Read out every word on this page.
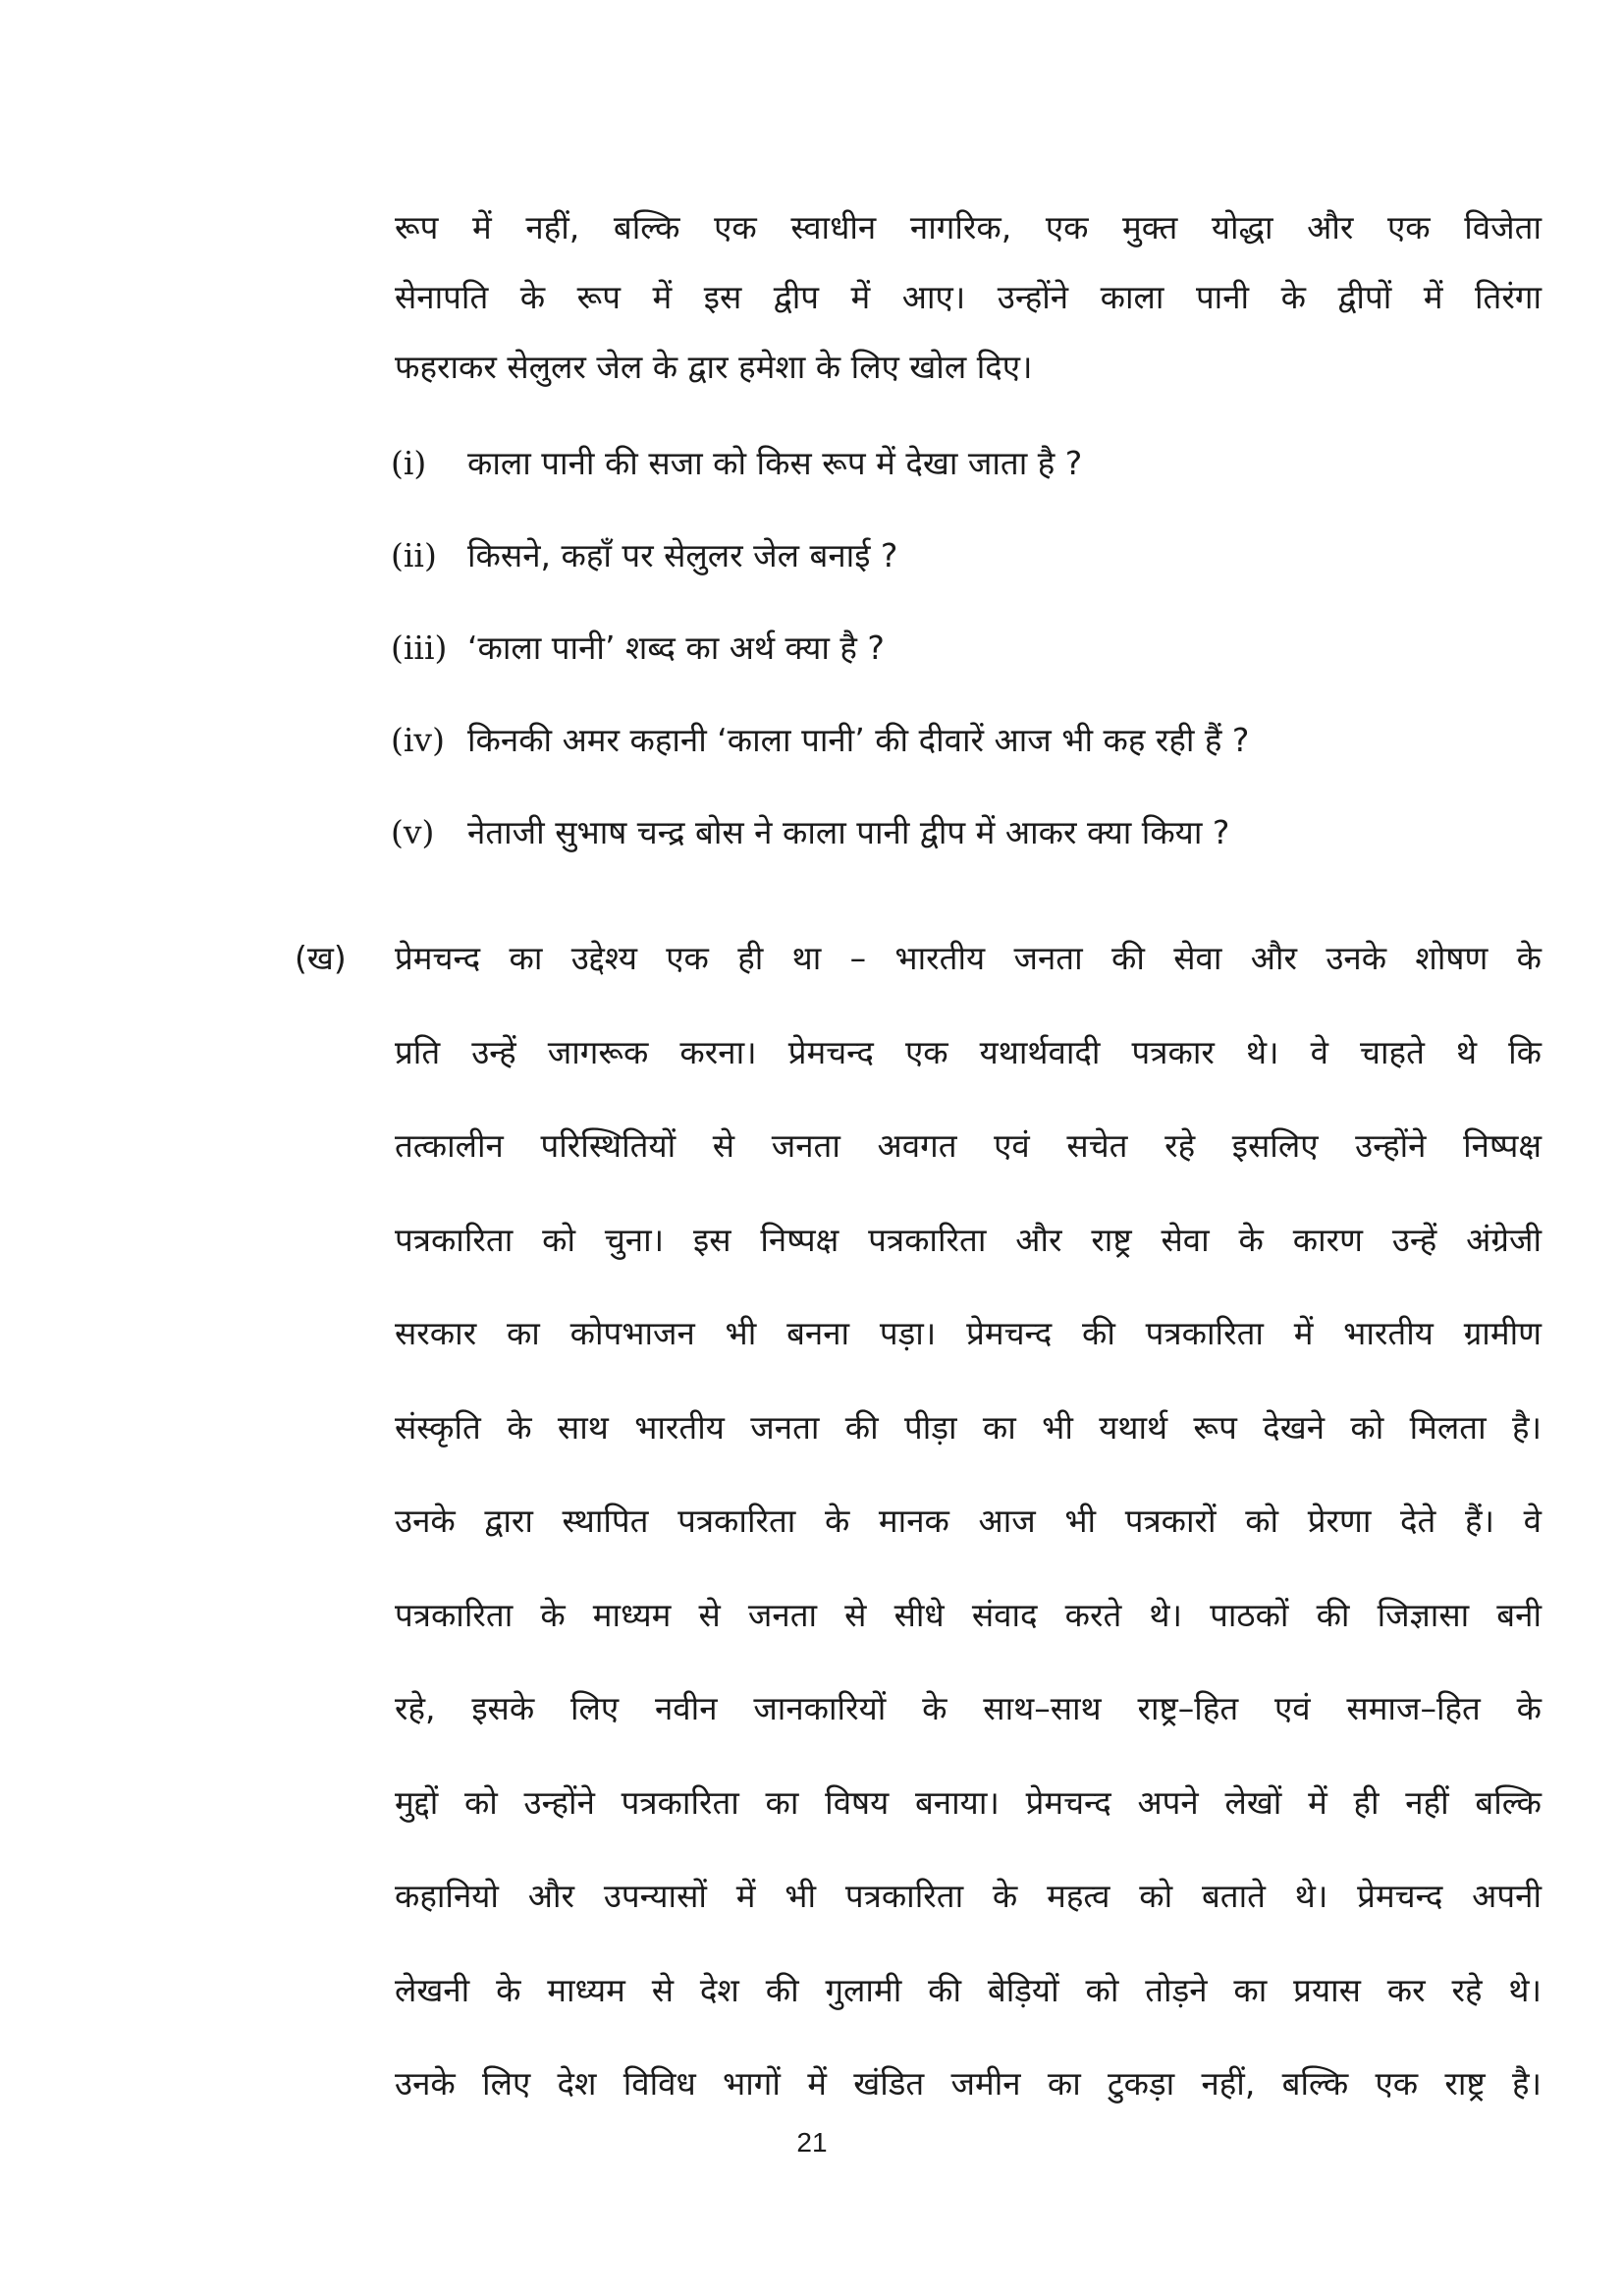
रूप में नहीं, बल्कि एक स्वाधीन नागरिक, एक मुक्त योद्धा और एक विजेता
सेनापति के रूप में इस द्वीप में आए। उन्होंने काला पानी के द्वीपों में तिरंगा
फहराकर सेलुलर जेल के द्वार हमेशा के लिए खोल दिए।
(i) काला पानी की सजा को किस रूप में देखा जाता है ?
(ii) किसने, कहाँ पर सेलुलर जेल बनाई ?
(iii) ‘काला पानी’ शब्द का अर्थ क्या है ?
(iv) किनकी अमर कहानी ‘काला पानी’ की दीवारें आज भी कह रही हैं ?
(v) नेताजी सुभाष चन्द्र बोस ने काला पानी द्वीप में आकर क्या किया ?
(ख) प्रेमचन्द का उद्देश्य एक ही था – भारतीय जनता की सेवा और उनके शोषण के
प्रति उन्हें जागरूक करना। प्रेमचन्द एक यथार्थवादी पत्रकार थे। वे चाहते थे कि
तत्कालीन परिस्थितियों से जनता अवगत एवं सचेत रहे इसलिए उन्होंने निष्पक्ष
पत्रकारिता को चुना। इस निष्पक्ष पत्रकारिता और राष्ट्र सेवा के कारण उन्हें अंग्रेजी
सरकार का कोपभाजन भी बनना पड़ा। प्रेमचन्द की पत्रकारिता में भारतीय ग्रामीण
संस्कृति के साथ भारतीय जनता की पीड़ा का भी यथार्थ रूप देखने को मिलता है।
उनके द्वारा स्थापित पत्रकारिता के मानक आज भी पत्रकारों को प्रेरणा देते हैं। वे
पत्रकारिता के माध्यम से जनता से सीधे संवाद करते थे। पाठकों की जिज्ञासा बनी
रहे, इसके लिए नवीन जानकारियों के साथ–साथ राष्ट्र–हित एवं समाज–हित के
मुद्दों को उन्होंने पत्रकारिता का विषय बनाया। प्रेमचन्द अपने लेखों में ही नहीं बल्कि
कहानियो और उपन्यासों में भी पत्रकारिता के महत्व को बताते थे। प्रेमचन्द अपनी
लेखनी के माध्यम से देश की गुलामी की बेड़ियों को तोड़ने का प्रयास कर रहे थे।
उनके लिए देश विविध भागों में खंडित जमीन का टुकड़ा नहीं, बल्कि एक राष्ट्र है।
21
